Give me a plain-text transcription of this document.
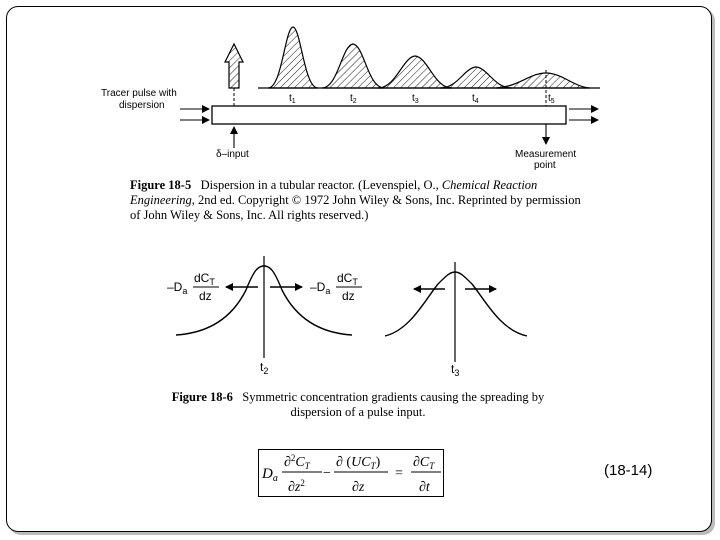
Tracer pulse with
dispersion
δ–input	Measurement
point
$t_1$	$t_2$	$t_3$	$t_4$	$t_5$
$-D_a$
$dC_T$
dz
$-D_a$
$dC_T$
dz
$t_2$	$t_3$
Figure 18-5 Dispersion in a tubular reactor. (Levenspiel, O., Chemical Reaction Engineering, 2nd ed. Copyright © 1972 John Wiley & Sons, Inc. Reprinted by permission of John Wiley & Sons, Inc. All rights reserved.)
Figure 18-6 Symmetric concentration gradients causing the spreading by dispersion of a pulse input.
$D_a$
$\partial^2C_T$
$\partial z^2$
−
∂ $(UC_T)$
∂z
=
$\partial C_T$
∂t
(18-14)
